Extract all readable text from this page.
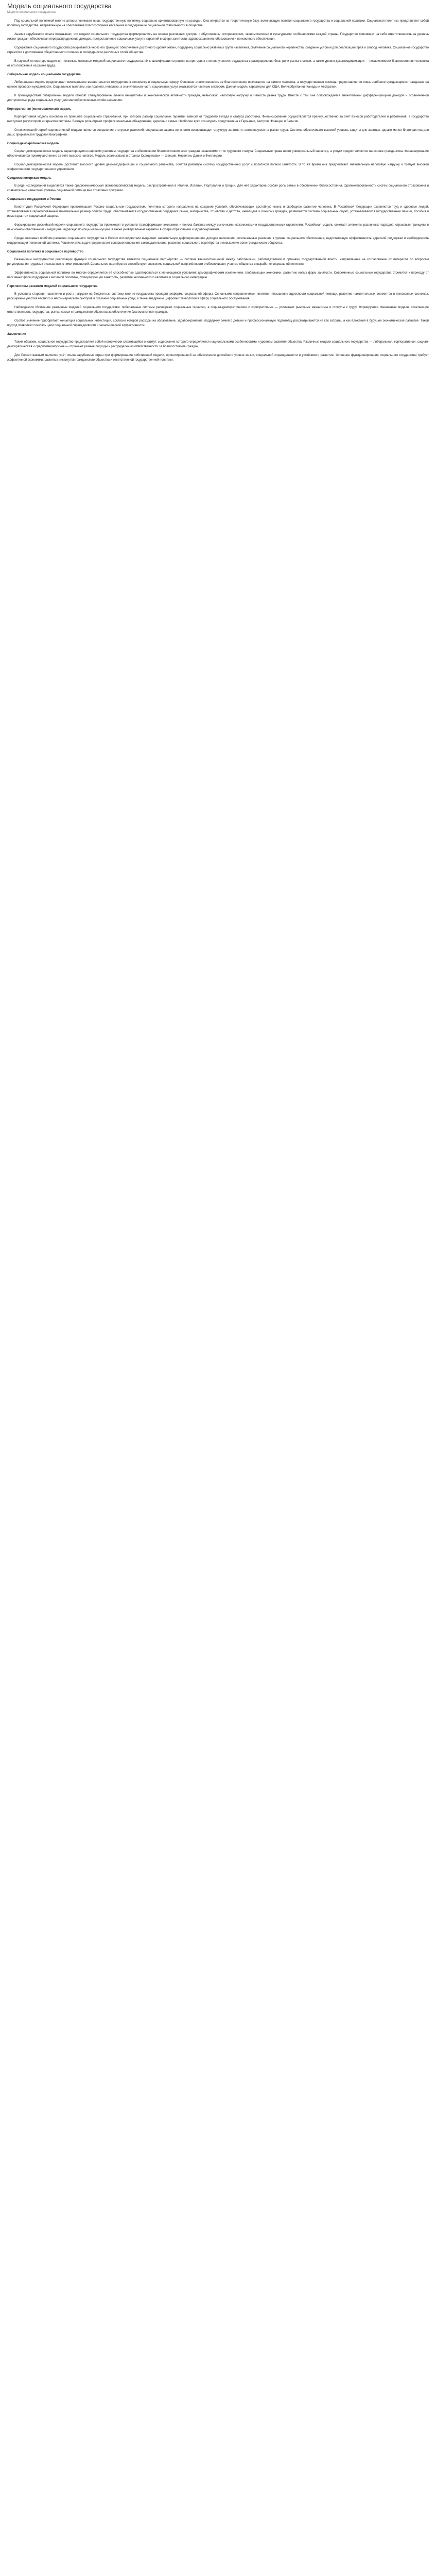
Модель социального государства
Модели социального государства

Под социальной политикой многие авторы понимают лишь государственную политику, социально ориентированную на граждан. Она опирается на теоретическую базу, включающую понятия социального государства и социальной политики. Социальная политика представляет собой политику государства, направленную на обеспечение благосостояния населения и поддержание социальной стабильности в обществе.

Анализ зарубежного опыта показывает, что модели социального государства формировались на основе различных доктрин и обусловлены историческими, экономическими и культурными особенностями каждой страны. Государство принимает на себя ответственность за уровень жизни граждан, обеспечивая перераспределение доходов, предоставление социальных услуг и гарантий в сфере занятости, здравоохранения, образования и пенсионного обеспечения.

Содержание социального государства раскрывается через его функции: обеспечение достойного уровня жизни, поддержку социально уязвимых групп населения, смягчение социального неравенства, создание условий для реализации прав и свобод человека. Социальное государство стремится к достижению общественного согласия и солидарности различных слоёв общества.

В научной литературе выделяют несколько основных моделей социального государства. Их классификация строится на критериях степени участия государства в распределении благ, роли рынка и семьи, а также уровня декоммодификации — независимости благосостояния человека от его положения на рынке труда.

Либеральная модель социального государства

Либеральная модель предполагает минимальное вмешательство государства в экономику и социальную сферу. Основная ответственность за благосостояние возлагается на самого человека, а государственная помощь предоставляется лишь наиболее нуждающимся гражданам на основе проверки нуждаемости. Социальные выплаты, как правило, невелики, а значительная часть социальных услуг оказывается частным сектором. Данная модель характерна для США, Великобритании, Канады и Австралии.

К преимуществам либеральной модели относят стимулирование личной инициативы и экономической активности граждан, невысокую налоговую нагрузку и гибкость рынка труда. Вместе с тем она сопровождается значительной дифференциацией доходов и ограниченной доступностью ряда социальных услуг для малообеспеченных слоёв населения.

Корпоративная (консервативная) модель

Корпоративная модель основана на принципе социального страхования, при котором размер социальных гарантий зависит от трудового вклада и статуса работника. Финансирование осуществляется преимущественно за счёт взносов работодателей и работников, а государство выступает регулятором и гарантом системы. Важную роль играют профессиональные объединения, церковь и семья. Наиболее ярко эта модель представлена в Германии, Австрии, Франции и Бельгии.

Отличительной чертой корпоративной модели является сохранение статусных различий: социальная защита во многом воспроизводит структуру занятости, сложившуюся на рынке труда. Система обеспечивает высокий уровень защиты для занятых, однако менее благоприятна для лиц с прерывистой трудовой биографией.

Социал-демократическая модель

Социал-демократическая модель характеризуется широким участием государства в обеспечении благосостояния всех граждан независимо от их трудового статуса. Социальные права носят универсальный характер, а услуги предоставляются на основе гражданства. Финансирование обеспечивается преимущественно за счёт высоких налогов. Модель реализована в странах Скандинавии — Швеции, Норвегии, Дании и Финляндии.

Социал-демократическая модель достигает высокого уровня декоммодификации и социального равенства, сочетая развитую систему государственных услуг с политикой полной занятости. В то же время она предполагает значительную налоговую нагрузку и требует высокой эффективности государственного управления.

Средиземноморская модель

В ряде исследований выделяется также средиземноморская (южноевропейская) модель, распространённая в Италии, Испании, Португалии и Греции. Для неё характерна особая роль семьи в обеспечении благосостояния, фрагментированность систем социального страхования и сравнительно невысокий уровень социальной помощи вне страховых программ.

Социальное государство в России

Конституция Российской Федерации провозглашает Россию социальным государством, политика которого направлена на создание условий, обеспечивающих достойную жизнь и свободное развитие человека. В Российской Федерации охраняются труд и здоровье людей, устанавливается гарантированный минимальный размер оплаты труда, обеспечивается государственная поддержка семьи, материнства, отцовства и детства, инвалидов и пожилых граждан, развивается система социальных служб, устанавливаются государственные пенсии, пособия и иные гарантии социальной защиты.

Формирование российской модели социального государства происходит в условиях трансформации экономики и поиска баланса между рыночными механизмами и государственными гарантиями. Российская модель сочетает элементы различных подходов: страховые принципы в пенсионном обеспечении и медицине, адресную помощь малоимущим, а также универсальные гарантии в сфере образования и здравоохранения.

Среди ключевых проблем развития социального государства в России исследователи выделяют значительную дифференциацию доходов населения, региональные различия в уровне социального обеспечения, недостаточную эффективность адресной поддержки и необходимость модернизации пенсионной системы. Решение этих задач предполагает совершенствование законодательства, развитие социального партнёрства и повышение роли гражданского общества.

Социальная политика и социальное партнёрство

Важнейшим инструментом реализации функций социального государства является социальное партнёрство — система взаимоотношений между работниками, работодателями и органами государственной власти, направленная на согласование их интересов по вопросам регулирования трудовых и связанных с ними отношений. Социальное партнёрство способствует снижению социальной напряжённости и обеспечивает участие общества в выработке социальной политики.

Эффективность социальной политики во многом определяется её способностью адаптироваться к меняющимся условиям: демографическим изменениям, глобализации экономики, развитию новых форм занятости. Современные социальные государства стремятся к переходу от пассивных форм поддержки к активной политике, стимулирующей занятость, развитие человеческого капитала и социальную интеграцию.

Перспективы развития моделей социального государства

В условиях старения населения и роста нагрузки на бюджетные системы многие государства проводят реформы социальной сферы. Основными направлениями являются повышение адресности социальной помощи, развитие накопительных элементов в пенсионных системах, расширение участия частного и некоммерческого секторов в оказании социальных услуг, а также внедрение цифровых технологий в сферу социального обслуживания.

Наблюдается сближение различных моделей социального государства: либеральные системы расширяют социальные гарантии, а социал-демократические и корпоративные — усиливают рыночные механизмы и стимулы к труду. Формируются смешанные модели, сочетающие ответственность государства, рынка, семьи и гражданского общества за обеспечение благосостояния граждан.

Особое значение приобретает концепция социальных инвестиций, согласно которой расходы на образование, здравоохранение, поддержку семей с детьми и профессиональную подготовку рассматриваются не как затраты, а как вложения в будущее экономическое развитие. Такой подход позволяет сочетать цели социальной справедливости и экономической эффективности.

Заключение

Таким образом, социальное государство представляет собой исторически сложившийся институт, содержание которого определяется национальными особенностями и уровнем развития общества. Различные модели социального государства — либеральная, корпоративная, социал-демократическая и средиземноморская — отражают разные подходы к распределению ответственности за благосостояние граждан.

Для России важным является учёт опыта зарубежных стран при формировании собственной модели, ориентированной на обеспечение достойного уровня жизни, социальной справедливости и устойчивого развития. Успешное функционирование социального государства требует эффективной экономики, развитых институтов гражданского общества и ответственной государственной политики.
